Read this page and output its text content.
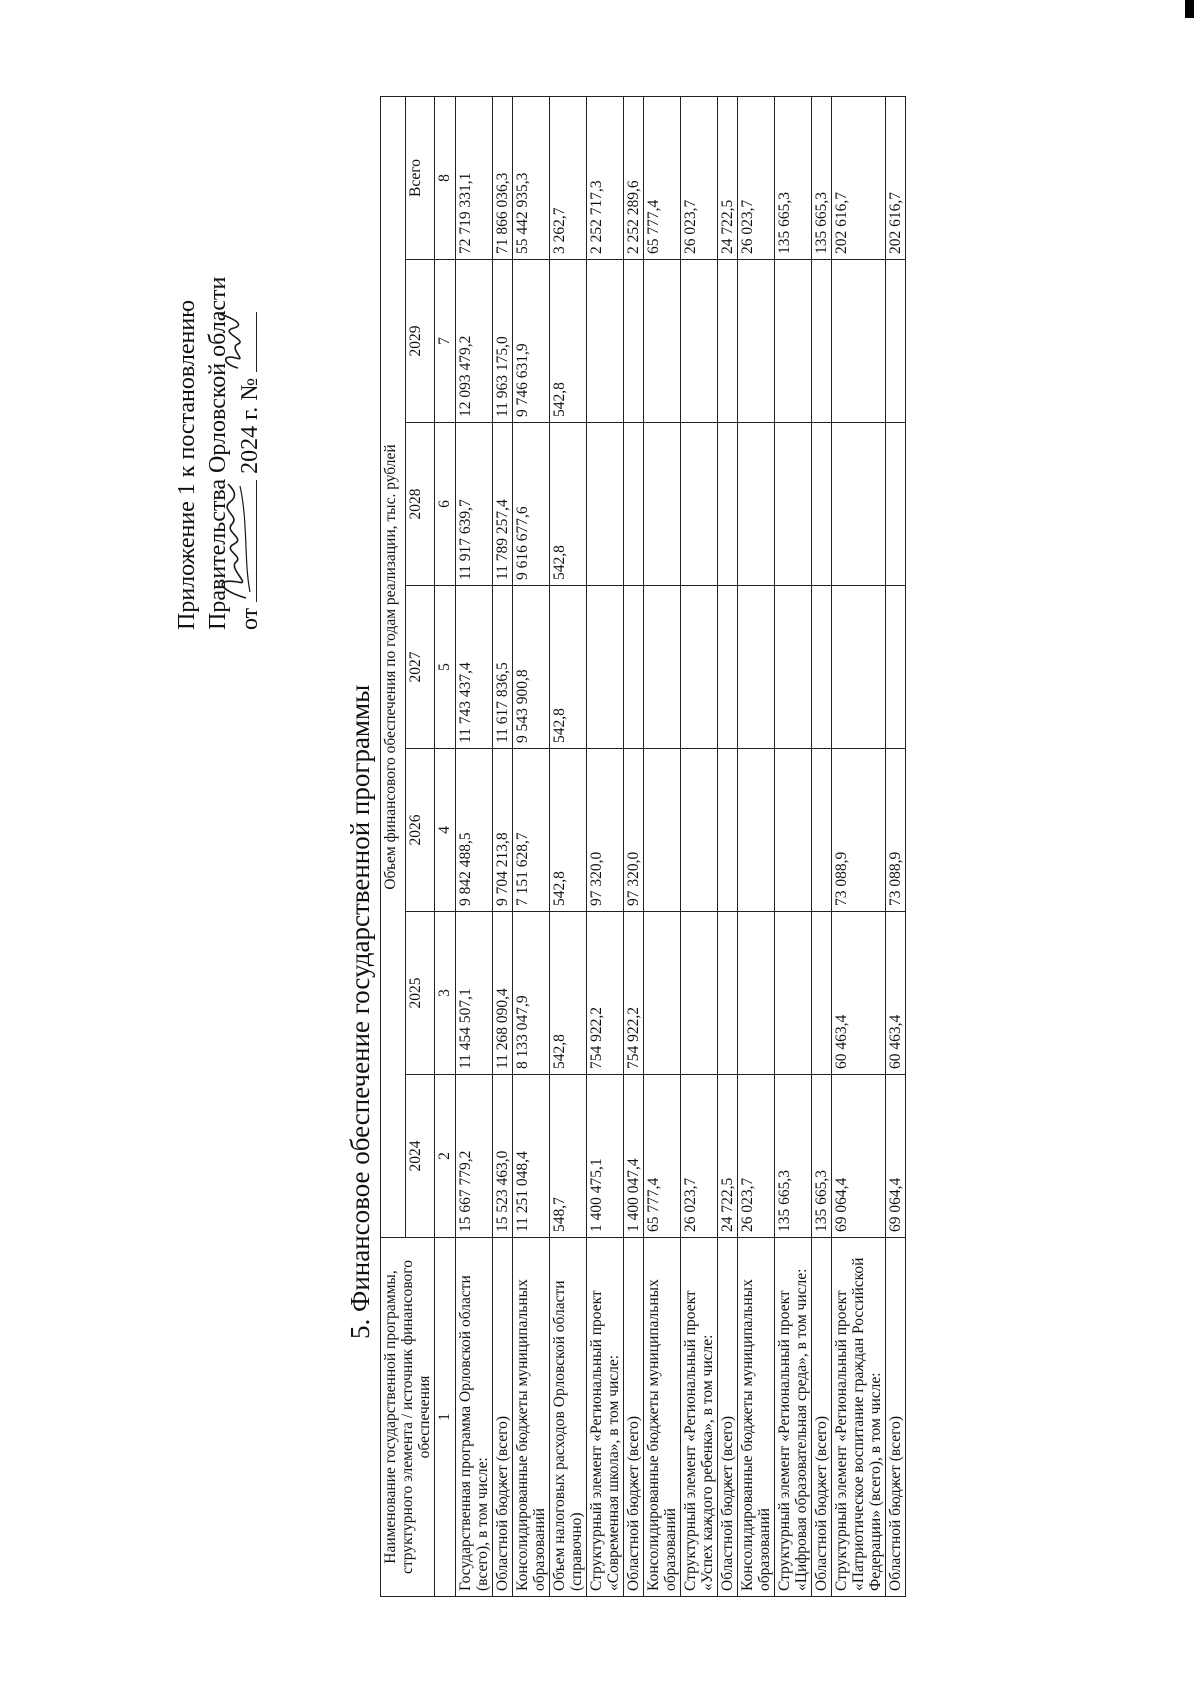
Приложение 1 к постановлению Правительства Орловской области от
2024 г. №
5. Финансовое обеспечение государственной программы
Наименование государственной программы, структурного элемента / источник финансового обеспечения	Объем финансового обеспечения по годам реализации, тыс. рублей						
	2024	2025	2026	2027	2028	2029	Всего
1	2	3	4	5	6	7	8
Государственная программа Орловской области (всего), в том числе:	15 667 779,2	11 454 507,1	9 842 488,5	11 743 437,4	11 917 639,7	12 093 479,2	72 719 331,1
Областной бюджет (всего)	15 523 463,0	11 268 090,4	9 704 213,8	11 617 836,5	11 789 257,4	11 963 175,0	71 866 036,3
Консолидированные бюджеты муниципальных образований	11 251 048,4	8 133 047,9	7 151 628,7	9 543 900,8	9 616 677,6	9 746 631,9	55 442 935,3
Объем налоговых расходов Орловской области (справочно)	548,7	542,8	542,8	542,8	542,8	542,8	3 262,7
Структурный элемент «Региональный проект «Современная школа», в том числе:	1 400 475,1	754 922,2	97 320,0				2 252 717,3
Областной бюджет (всего)	1 400 047,4	754 922,2	97 320,0				2 252 289,6
Консолидированные бюджеты муниципальных образований	65 777,4						65 777,4
Структурный элемент «Региональный проект «Успех каждого ребенка», в том числе:	26 023,7						26 023,7
Областной бюджет (всего)	24 722,5						24 722,5
Консолидированные бюджеты муниципальных образований	26 023,7						26 023,7
Структурный элемент «Региональный проект «Цифровая образовательная среда», в том числе:	135 665,3						135 665,3
Областной бюджет (всего)	135 665,3						135 665,3
Структурный элемент «Региональный проект «Патриотическое воспитание граждан Российской Федерации» (всего), в том числе:	69 064,4	60 463,4	73 088,9				202 616,7
Областной бюджет (всего)	69 064,4	60 463,4	73 088,9				202 616,7
